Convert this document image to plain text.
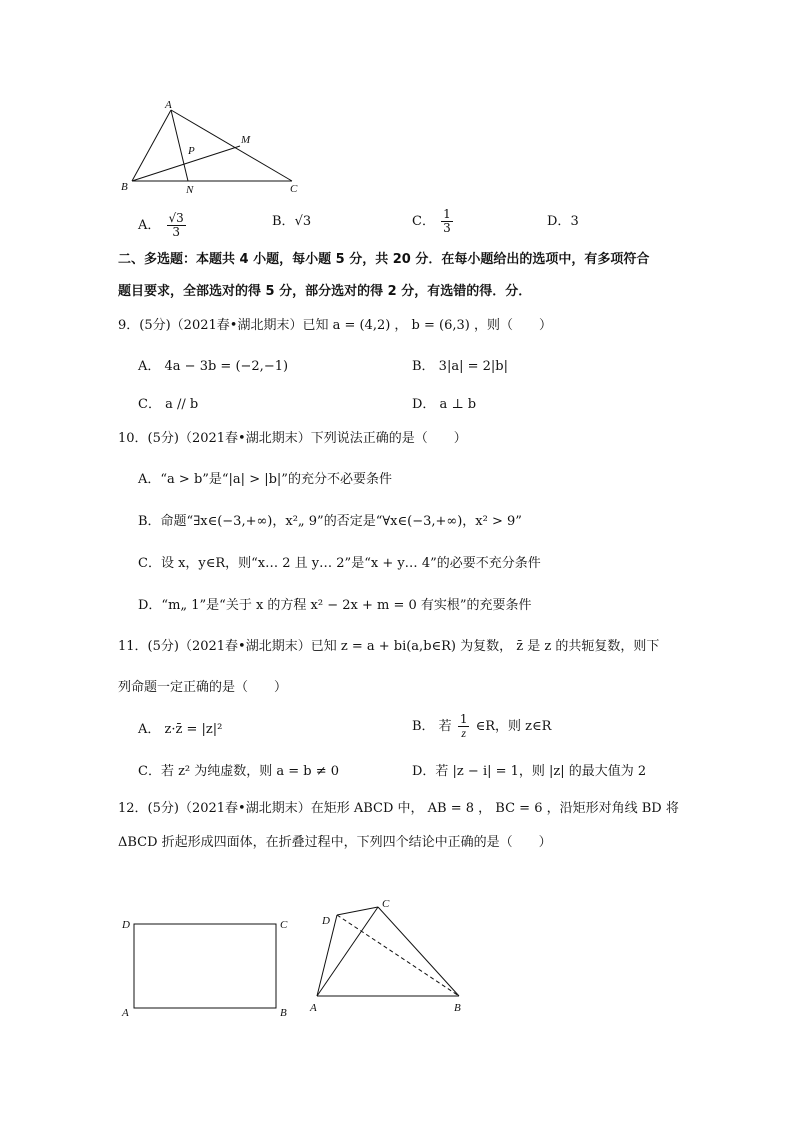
A
B	C
M
N
P
A． $\frac{√3}{3}$	B．√3	C． $\frac{1}{3}$	D．3
二、多选题：本题共 4 小题，每小题 5 分，共 20 分．在每小题给出的选项中，有多项符合
题目要求，全部选对的得 5 分，部分选对的得 2 分，有选错的得．分．
9．(5分)（2021春•湖北期末）已知 a = (4,2) ， b = (6,3) ，则（　　）
A． 4a − 3b = (−2,−1)	B． 3|a| = 2|b|
C． a // b	D． a ⊥ b
10．(5分)（2021春•湖北期末）下列说法正确的是（　　）
A．“a > b”是“|a| > |b|”的充分不必要条件
B．命题“∃x∈(−3,+∞)，x²„ 9”的否定是“∀x∈(−3,+∞)，x² > 9”
C．设 x，y∈R，则“x… 2 且 y… 2”是“x + y… 4”的必要不充分条件
D．“m„ 1”是“关于 x 的方程 x² − 2x + m = 0 有实根”的充要条件
11．(5分)（2021春•湖北期末）已知 z = a + bi(a,b∈R) 为复数， z̄ 是 z 的共轭复数，则下
列命题一定正确的是（　　）
A． z·z̄ = |z|²	B． 若 $\frac{1}{z}$ ∈R，则 z∈R
C．若 z² 为纯虚数，则 a = b ≠ 0	D．若 |z − i| = 1，则 |z| 的最大值为 2
12．(5分)（2021春•湖北期末）在矩形 ABCD 中， AB = 8 ， BC = 6 ，沿矩形对角线 BD 将
ΔBCD 折起形成四面体，在折叠过程中，下列四个结论中正确的是（　　）
D	C
A	B
D
C
A	B
